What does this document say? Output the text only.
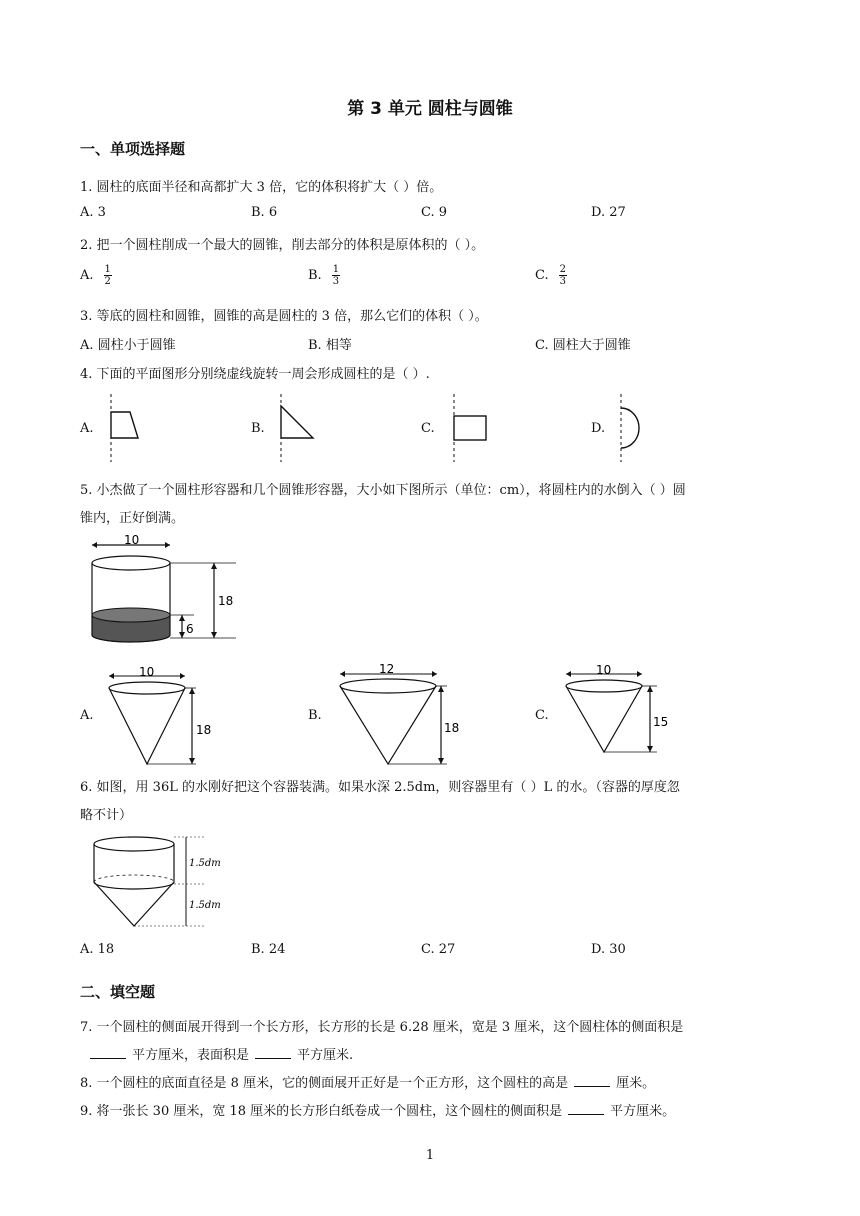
第 3 单元 圆柱与圆锥
一、单项选择题
1. 圆柱的底面半径和高都扩大 3 倍，它的体积将扩大（ ）倍。
A. 3	B. 6	C. 9	D. 27
2. 把一个圆柱削成一个最大的圆锥，削去部分的体积是原体积的（ ）。
A. $\frac{1}{2}$	B. $\frac{1}{3}$	C. $\frac{2}{3}$
3. 等底的圆柱和圆锥，圆锥的高是圆柱的 3 倍，那么它们的体积（ ）。
A. 圆柱小于圆锥	B. 相等	C. 圆柱大于圆锥
4. 下面的平面图形分别绕虚线旋转一周会形成圆柱的是（ ）.
A.	B.	C.	D.
5. 小杰做了一个圆柱形容器和几个圆锥形容器，大小如下图所示（单位：cm），将圆柱内的水倒入（ ）圆
锥内，正好倒满。
10
18
6
A.	B.	C.
10
18
12
18
10
15
6. 如图，用 36L 的水刚好把这个容器装满。如果水深 2.5dm，则容器里有（ ）L 的水。（容器的厚度忽
略不计）
1.5dm
1.5dm
A. 18	B. 24	C. 27	D. 30
二、填空题
7. 一个圆柱的侧面展开得到一个长方形，长方形的长是 6.28 厘米，宽是 3 厘米，这个圆柱体的侧面积是
平方厘米，表面积是	平方厘米.
8. 一个圆柱的底面直径是 8 厘米，它的侧面展开正好是一个正方形，这个圆柱的高是	厘米。
9. 将一张长 30 厘米，宽 18 厘米的长方形白纸卷成一个圆柱，这个圆柱的侧面积是	平方厘米。
1
